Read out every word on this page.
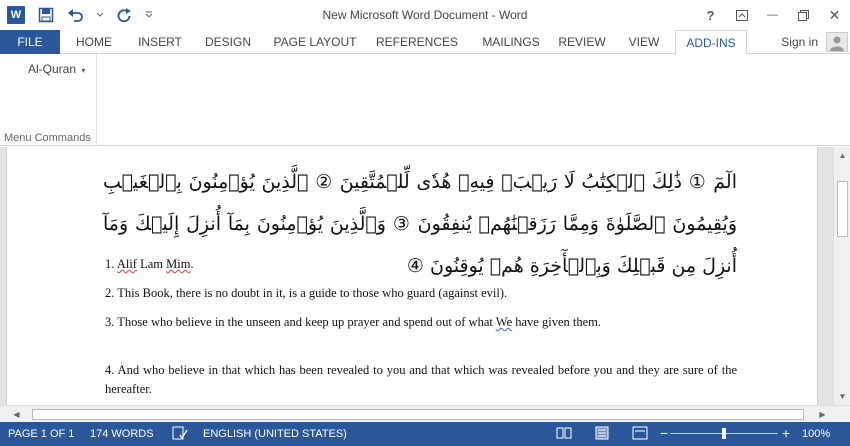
W	New Microsoft Word Document - Word	?	—	✕
FILE	HOME	INSERT	DESIGN	PAGE LAYOUT	REFERENCES	MAILINGS	REVIEW	VIEW	ADD-INS	Sign in
Al-Quran ▾
Menu Commands
الٓمٓ ① ذَٰلِكَ ٱلۡكِتَٰبُ لَا رَيۡبَۛ فِيهِۛ هُدٗى لِّلۡمُتَّقِينَ ② ٱلَّذِينَ يُؤۡمِنُونَ بِٱلۡغَيۡبِ وَيُقِيمُونَ ٱلصَّلَوٰةَ وَمِمَّا رَزَقۡنَٰهُمۡ يُنفِقُونَ ③ وَٱلَّذِينَ يُؤۡمِنُونَ بِمَآ أُنزِلَ إِلَيۡكَ وَمَآ أُنزِلَ مِن قَبۡلِكَ وَبِٱلۡأٓخِرَةِ هُمۡ يُوقِنُونَ ④
1. Alif Lam Mim.
2. This Book, there is no doubt in it, is a guide to those who guard (against evil).
3. Those who believe in the unseen and keep up prayer and spend out of what We have given them.
4. And who believe in that which has been revealed to you and that which was revealed before you and they are sure of the hereafter.
▲
▼
◀	▶
PAGE 1 OF 1 174 WORDS	ENGLISH (UNITED STATES)	−	+ 100%
